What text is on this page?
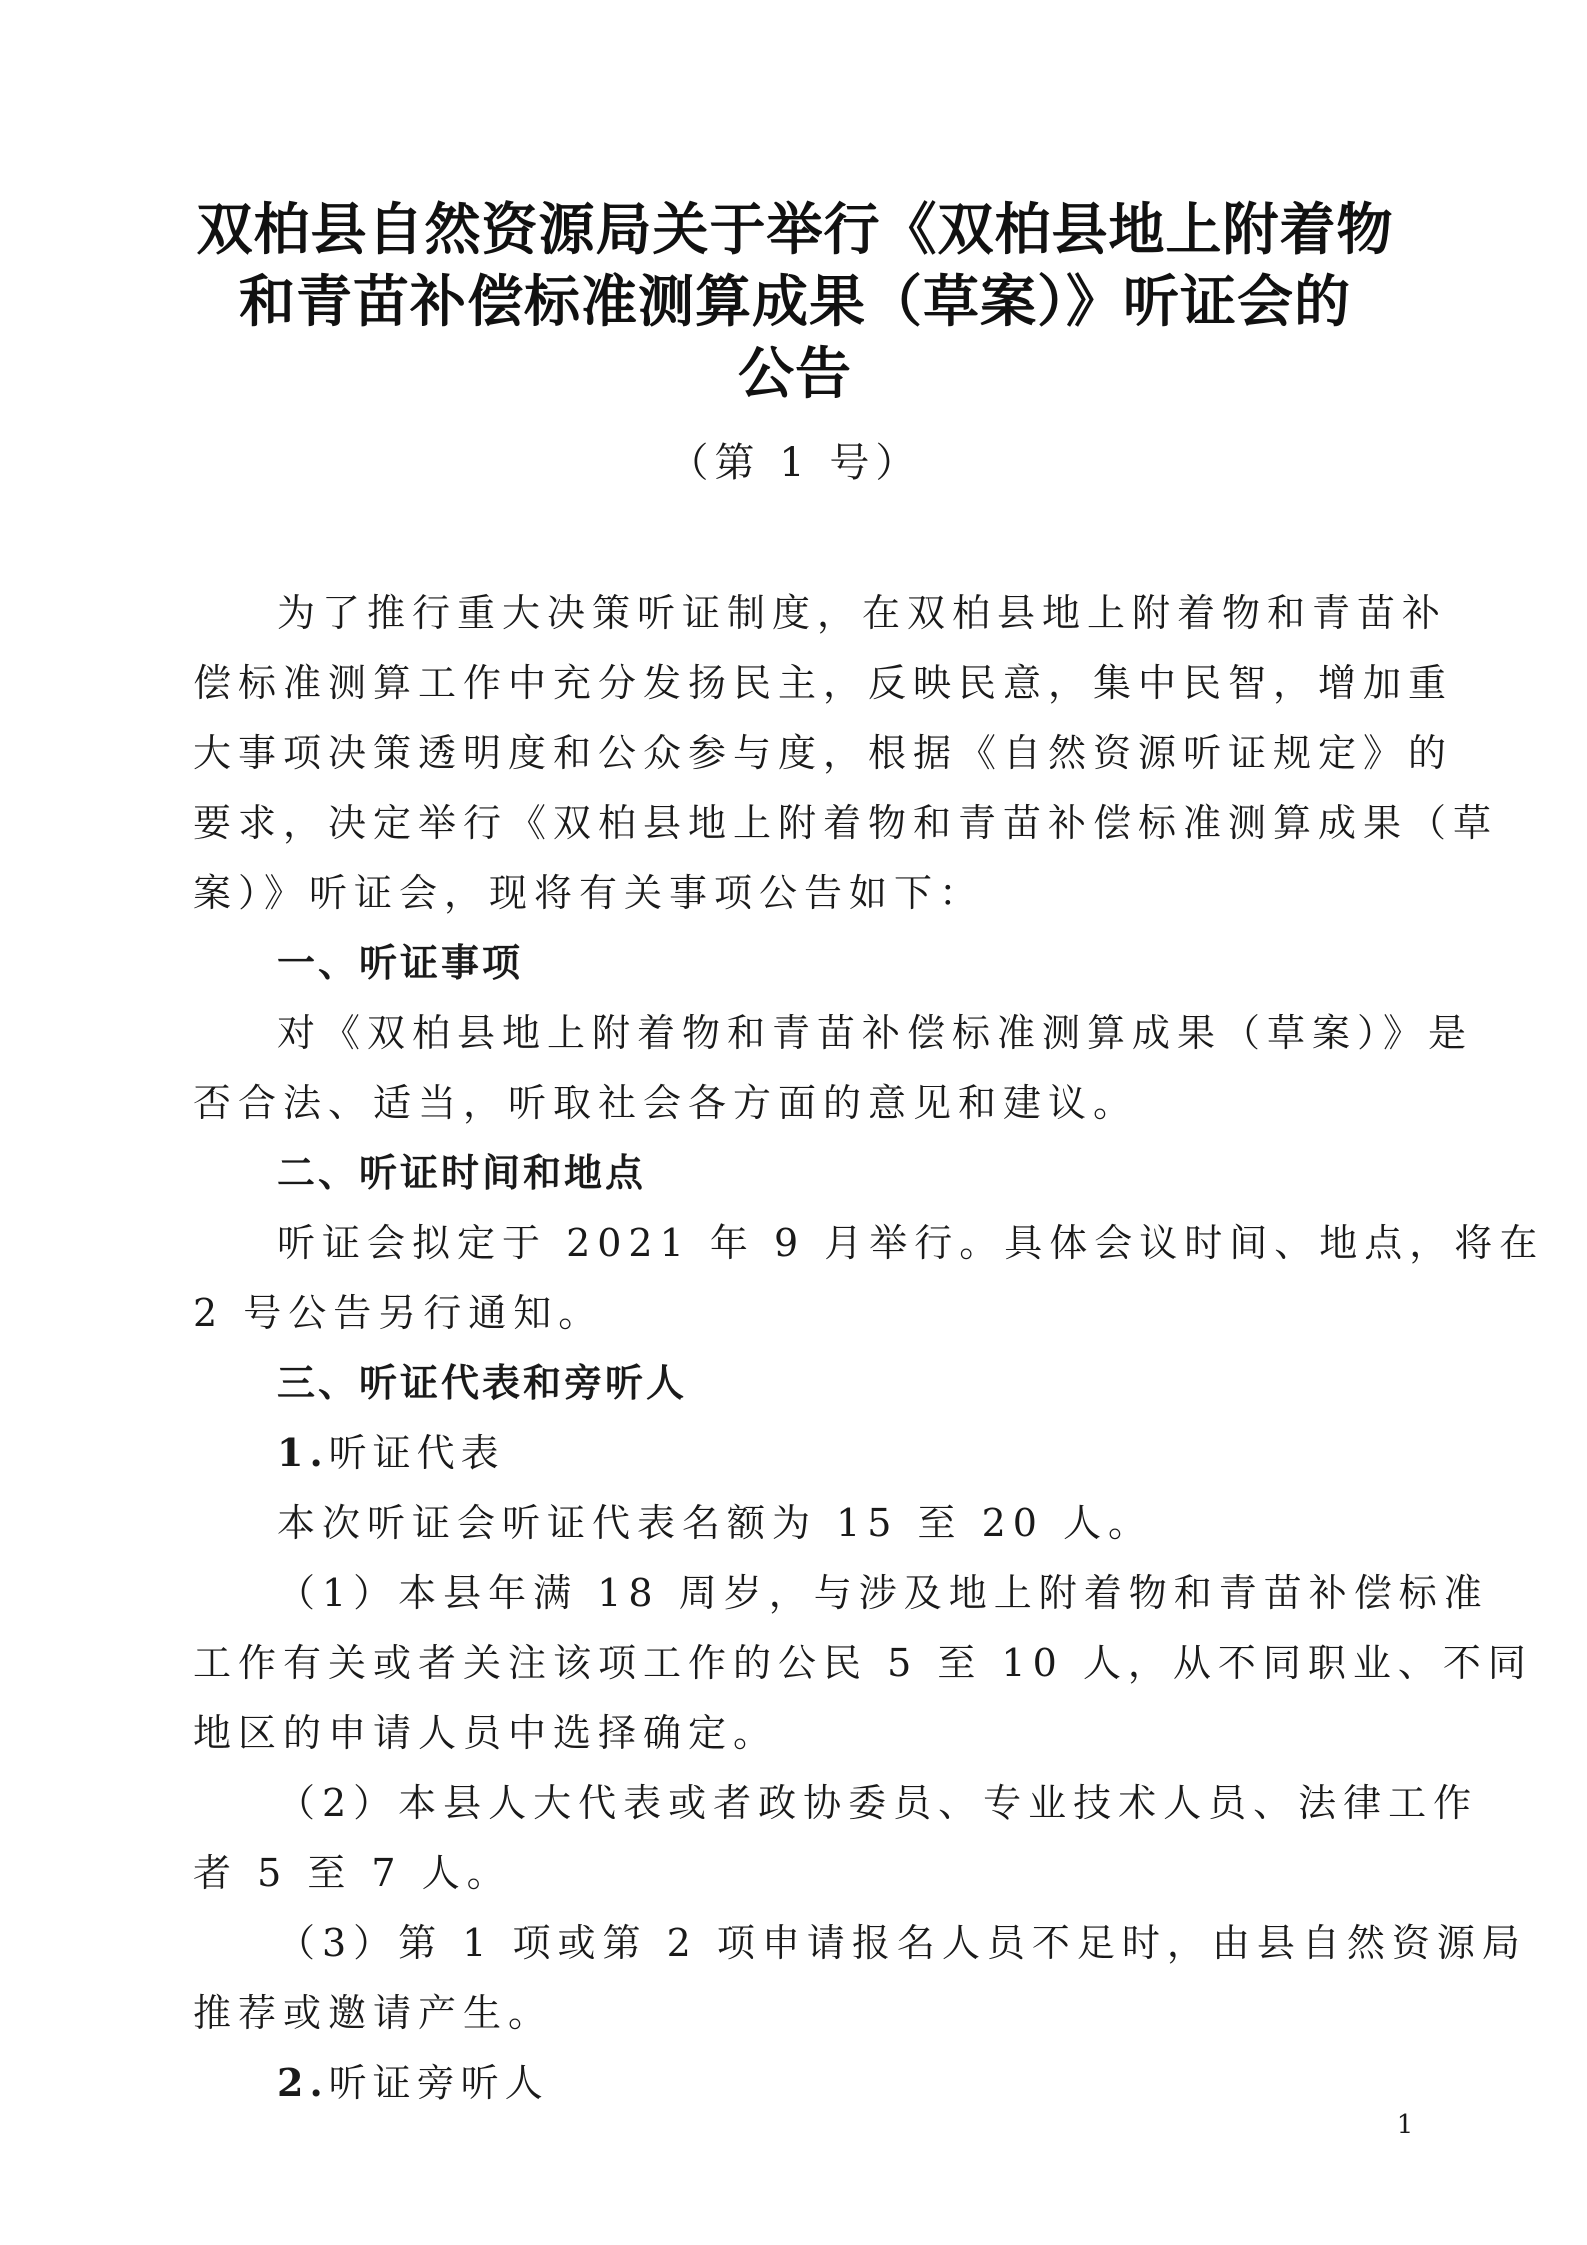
双柏县自然资源局关于举行《双柏县地上附着物
和青苗补偿标准测算成果（草案）》听证会的
公告
（第 1 号）

为了推行重大决策听证制度，在双柏县地上附着物和青苗补
偿标准测算工作中充分发扬民主，反映民意，集中民智，增加重
大事项决策透明度和公众参与度，根据《自然资源听证规定》的
要求，决定举行《双柏县地上附着物和青苗补偿标准测算成果（草
案）》听证会，现将有关事项公告如下：

一、听证事项

对《双柏县地上附着物和青苗补偿标准测算成果（草案）》是
否合法、适当，听取社会各方面的意见和建议。

二、听证时间和地点

听证会拟定于 2021 年 9 月举行。具体会议时间、地点，将在
2 号公告另行通知。

三、听证代表和旁听人

1.听证代表

本次听证会听证代表名额为 15 至 20 人。

（1）本县年满 18 周岁，与涉及地上附着物和青苗补偿标准
工作有关或者关注该项工作的公民 5 至 10 人，从不同职业、不同
地区的申请人员中选择确定。

（2）本县人大代表或者政协委员、专业技术人员、法律工作
者 5 至 7 人。

（3）第 1 项或第 2 项申请报名人员不足时，由县自然资源局
推荐或邀请产生。

2.听证旁听人

1
